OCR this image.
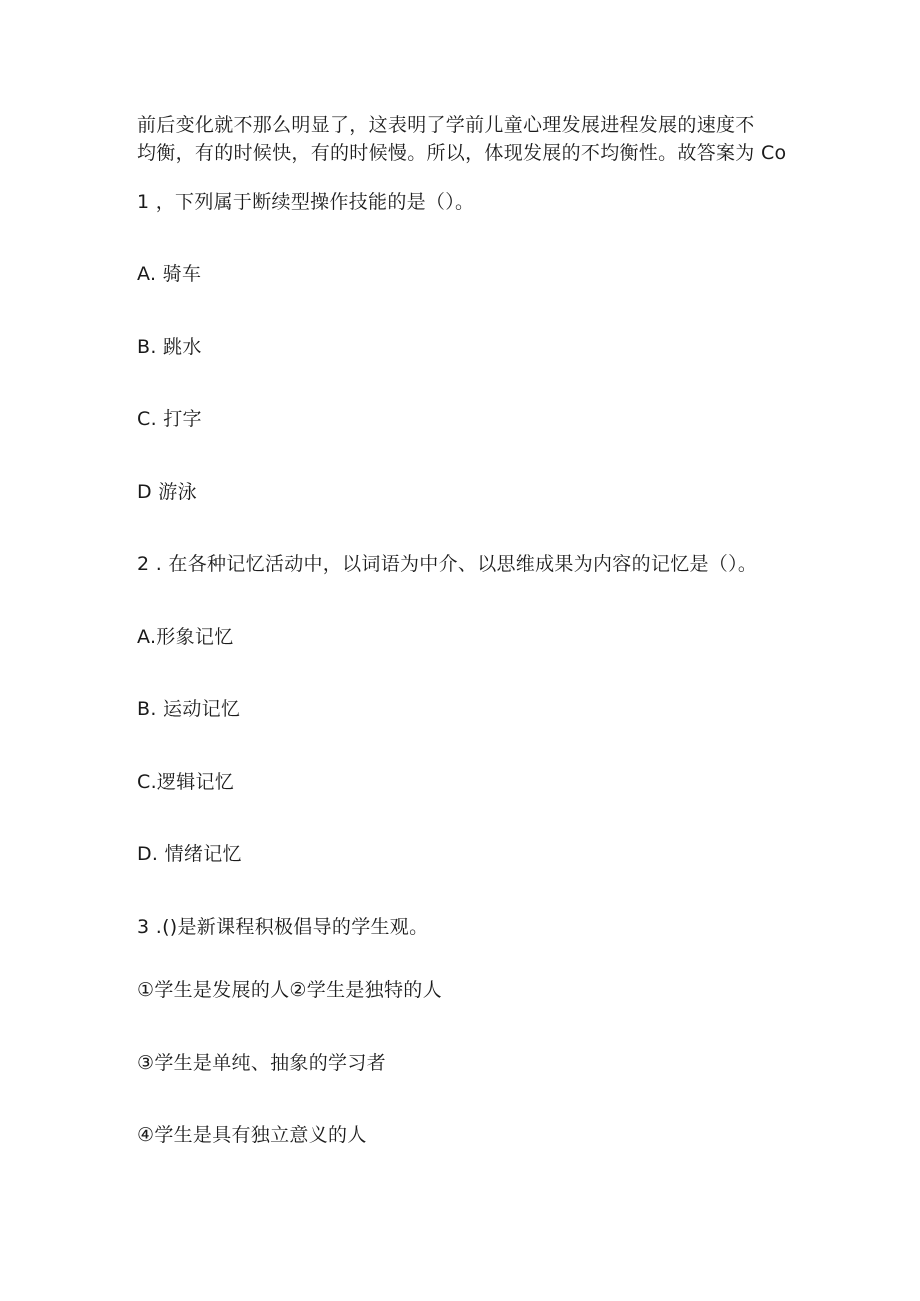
前后变化就不那么明显了，这表明了学前儿童心理发展进程发展的速度不
均衡，有的时候快，有的时候慢。所以，体现发展的不均衡性。故答案为 Co
1 ，下列属于断续型操作技能的是（）。
A. 骑车
B. 跳水
C. 打字
D 游泳
2 . 在各种记忆活动中，以词语为中介、以思维成果为内容的记忆是（）。
A.形象记忆
B. 运动记忆
C.逻辑记忆
D. 情绪记忆
3 .()是新课程积极倡导的学生观。
①学生是发展的人②学生是独特的人
③学生是单纯、抽象的学习者
④学生是具有独立意义的人
